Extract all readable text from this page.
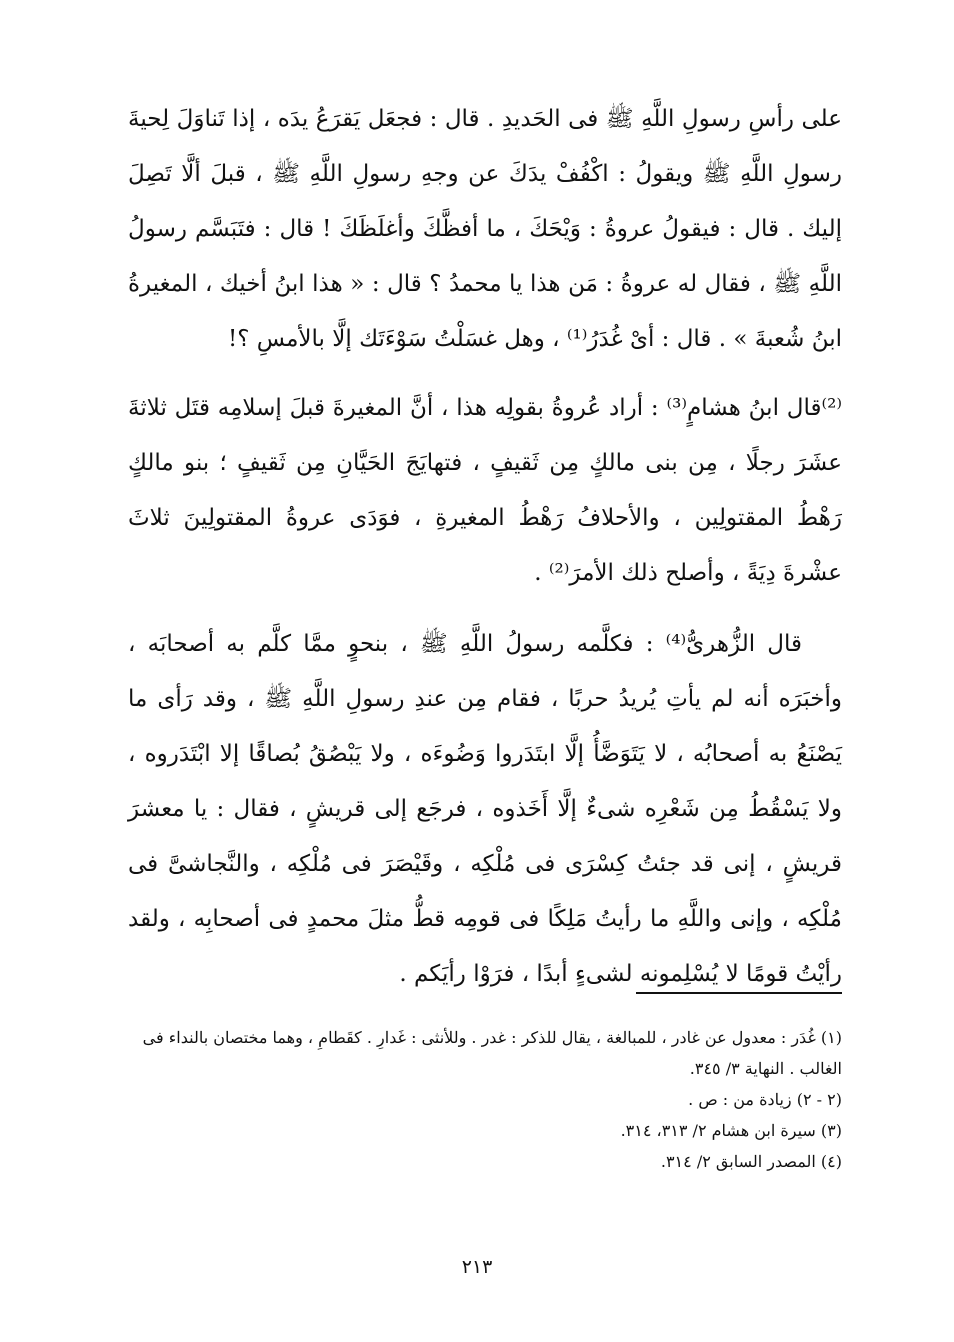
على رأسِ رسولِ اللَّهِ ﷺ فى الحَديدِ . قال : فجعَل يَقرَعُ يدَه ، إذا تَناوَلَ لِحيةَ رسولِ اللَّهِ ﷺ ويقولُ : اكْفُفْ يدَكَ عن وجهِ رسولِ اللَّهِ ﷺ ، قبلَ ألَّا تَصِلَ إليك . قال : فيقولُ عروةُ : وَيْحَكَ ، ما أفظَّكَ وأغلَظَكَ ! قال : فتَبَسَّم رسولُ اللَّهِ ﷺ ، فقال له عروةُ : مَن هذا يا محمدُ ؟ قال : « هذا ابنُ أخيك ، المغيرةُ ابنُ شُعبةَ » . قال : أىْ غُدَرُ⁽¹⁾ ، وهل غسَلْتُ سَوْءَتَك إلَّا بالأمسِ ؟!

⁽²⁾قال ابنُ هشامٍ⁽³⁾ : أراد عُروةُ بقولِه هذا ، أنَّ المغيرةَ قبلَ إسلامِه قتَل ثلاثةَ عشَرَ رجلًا ، مِن بنى مالكٍ مِن ثَقيفٍ ، فتهايَجَ الحَيَّانِ مِن ثَقيفٍ ؛ بنو مالكٍ رَهْطُ المقتولِين ، والأحلافُ رَهْطُ المغيرةِ ، فوَدَى عروةُ المقتولِينَ ثلاثَ عشْرةَ دِيَةً ، وأصلح ذلك الأمرَ⁽²⁾ .

قال الزُّهرىُّ⁽⁴⁾ : فكلَّمه رسولُ اللَّهِ ﷺ ، بنحوٍ ممَّا كلَّم به أصحابَه ، وأخبَرَه أنه لم يأتِ يُريدُ حربًا ، فقام مِن عندِ رسولِ اللَّهِ ﷺ ، وقد رَأى ما يَصْنَعُ به أصحابُه ، لا يَتَوَضَّأُ إلَّا ابتَدَروا وَضُوءَه ، ولا يَبْصُقُ بُصاقًا إلا ابْتَدَروه ، ولا يَسْقُطُ مِن شَعْرِه شىءٌ إلَّا أَخَذوه ، فرجَع إلى قريشٍ ، فقال : يا معشرَ قريشٍ ، إنى قد جئتُ كِسْرَى فى مُلْكِه ، وقَيْصَرَ فى مُلْكِه ، والنَّجاشىَّ فى مُلْكِه ، وإنى واللَّهِ ما رأيتُ مَلِكًا فى قومِه قطُّ مثلَ محمدٍ فى أصحابِه ، ولقد رأيْتُ قومًا لا يُسْلِمونه لشىءٍ أبدًا ، فرَوْا رأيَكم .

(١) غُدَر : معدول عن غادر ، للمبالغة ، يقال للذكر : غدر . وللأنثى : غَدارِ . كقَطامِ ، وهما مختصان بالنداء فى الغالب . النهاية ٣/ ٣٤٥.

(٢ - ٢) زيادة من : ص .

(٣) سيرة ابن هشام ٢/ ٣١٣، ٣١٤.

(٤) المصدر السابق ٢/ ٣١٤.

٢١٣
